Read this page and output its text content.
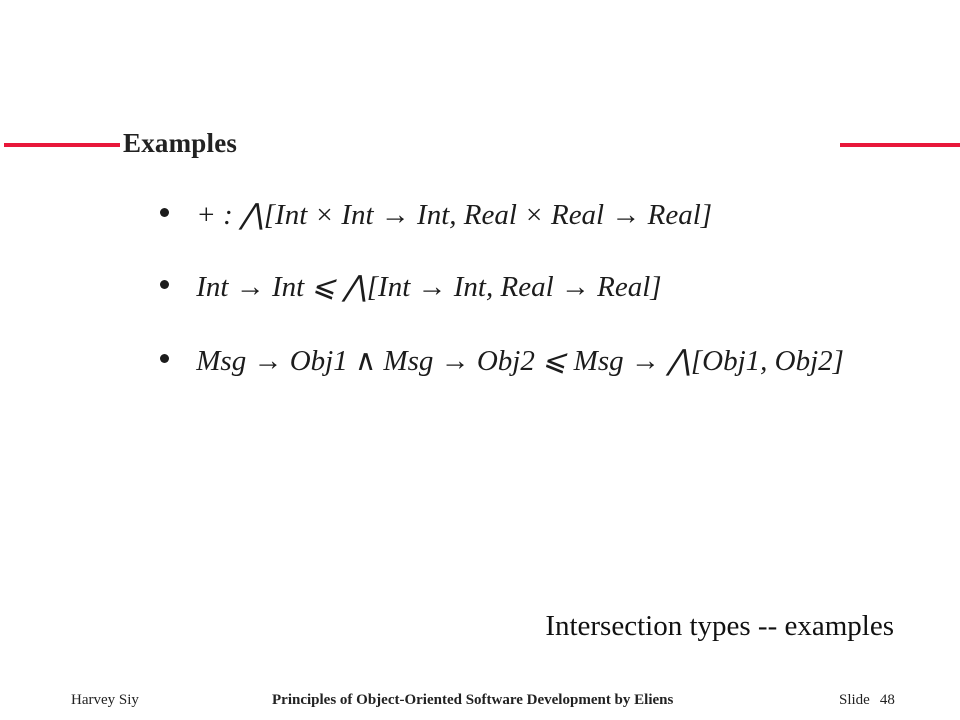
Examples
+ : ⋀[Int × Int → Int, Real × Real → Real]
Int → Int ⩽ ⋀[Int → Int, Real → Real]
Msg → Obj1 ∧ Msg → Obj2 ⩽ Msg → ⋀[Obj1, Obj2]
Intersection types -- examples
Harvey Siy	Principles of Object-Oriented Software Development by Eliens	Slide 48
